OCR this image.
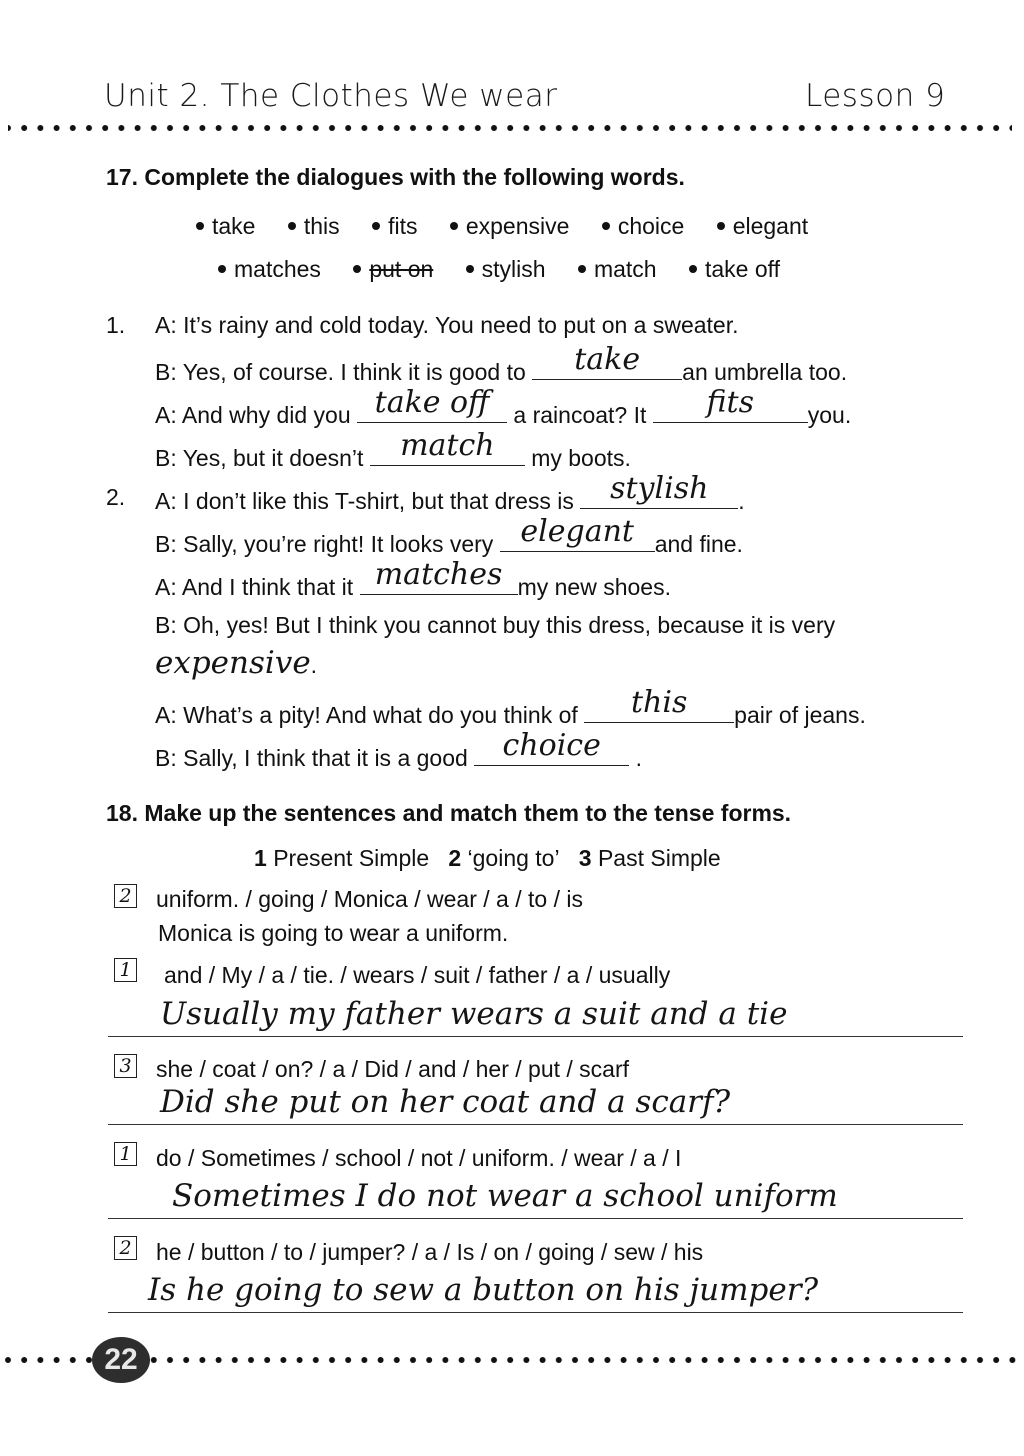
Unit 2. The Clothes We wear	Lesson 9
17. Complete the dialogues with the following words.
take this fits expensive choice elegant
matches put on stylish match take off
1. A: It’s rainy and cold today. You need to put on a sweater.
B: Yes, of course. I think it is good to	take	an umbrella too.
A: And why did you take off	a raincoat? It	fits	you.
B: Yes, but it doesn’t	match	my boots.
2. A: I don’t like this T-shirt, but that dress is	stylish	.
B: Sally, you’re right! It looks very elegant and fine.
A: And I think that it matches my new shoes.
B: Oh, yes! But I think you cannot buy this dress, because it is very
expensive.
A: What’s a pity! And what do you think of	this	pair of jeans.
B: Sally, I think that it is a good	choice	.
18. Make up the sentences and match them to the tense forms.
1 Present Simple 2 ‘going to’ 3 Past Simple
2 uniform. / going / Monica / wear / a / to / is
Monica is going to wear a uniform.
1 and / My / a / tie. / wears / suit / father / a / usually
Usually my father wears a suit and a tie
3 she / coat / on? / a / Did / and / her / put / scarf
Did she put on her coat and a scarf?
1 do / Sometimes / school / not / uniform. / wear / a / I
Sometimes I do not wear a school uniform
2 he / button / to / jumper? / a / Is / on / going / sew / his
Is he going to sew a button on his jumper?
22
